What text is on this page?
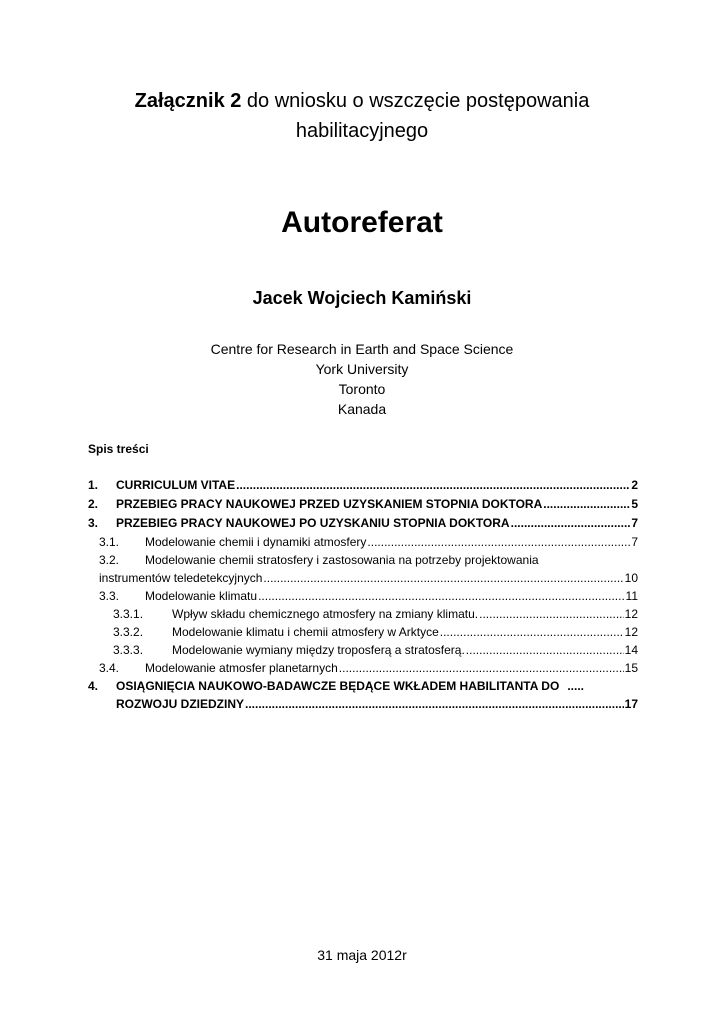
Załącznik 2 do wniosku o wszczęcie postępowania
habilitacyjnego
Autoreferat
Jacek Wojciech Kamiński
Centre for Research in Earth and Space Science
York University
Toronto
Kanada
Spis treści
1.	CURRICULUM VITAE .....	2
2.	PRZEBIEG PRACY NAUKOWEJ PRZED UZYSKANIEM STOPNIA DOKTORA .....	5
3.	PRZEBIEG PRACY NAUKOWEJ PO UZYSKANIU STOPNIA DOKTORA .....	7
3.1.	Modelowanie chemii i dynamiki atmosfery .....	7
3.2.	Modelowanie chemii stratosfery i zastosowania na potrzeby projektowania
instrumentów teledetekcyjnych .....	10
3.3.	Modelowanie klimatu .....	11
3.3.1.	Wpływ składu chemicznego atmosfery na zmiany klimatu. .....	12
3.3.2.	Modelowanie klimatu i chemii atmosfery w Arktyce .....	12
3.3.3.	Modelowanie wymiany między troposferą a stratosferą. .....	14
3.4.	Modelowanie atmosfer planetarnych .....	15
4.	OSIĄGNIĘCIA NAUKOWO-BADAWCZE BĘDĄCE WKŁADEM HABILITANTA DO .....
ROZWOJU DZIEDZINY .....	17
31 maja 2012r
